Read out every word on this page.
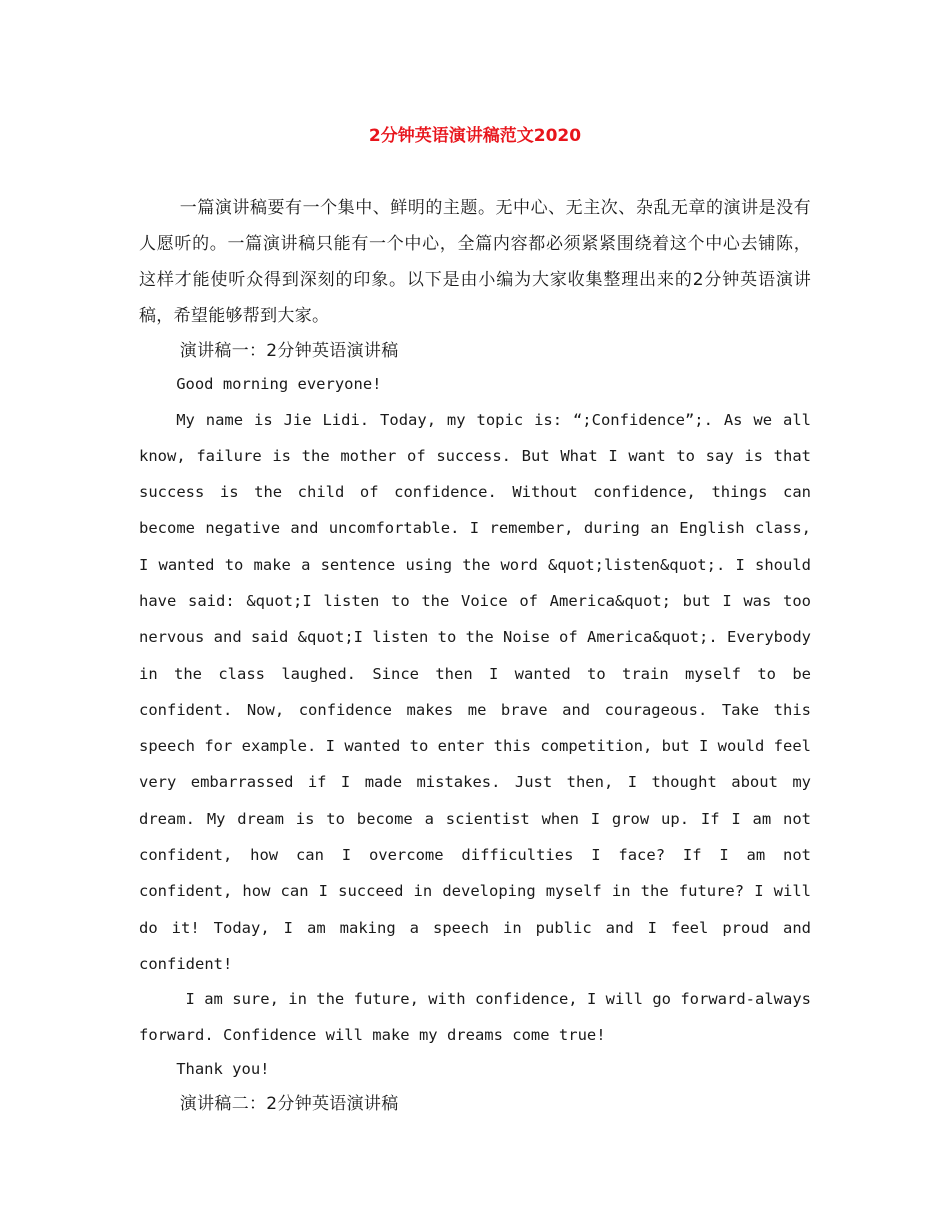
2分钟英语演讲稿范文2020

一篇演讲稿要有一个集中、鲜明的主题。无中心、无主次、杂乱无章的演讲是没有人愿听的。一篇演讲稿只能有一个中心，全篇内容都必须紧紧围绕着这个中心去铺陈，这样才能使听众得到深刻的印象。以下是由小编为大家收集整理出来的2分钟英语演讲稿，希望能够帮到大家。

演讲稿一：2分钟英语演讲稿

Good morning everyone!

My name is Jie Lidi. Today, my topic is: “;Confidence”;. As we all know, failure is the mother of success. But What I want to say is that success is the child of confidence. Without confidence, things can become negative and uncomfortable. I remember, during an English class, I wanted to make a sentence using the word &quot;listen&quot;. I should have said: &quot;I listen to the Voice of America&quot; but I was too nervous and said &quot;I listen to the Noise of America&quot;. Everybody in the class laughed. Since then I wanted to train myself to be confident. Now, confidence makes me brave and courageous. Take this speech for example. I wanted to enter this competition, but I would feel very embarrassed if I made mistakes. Just then, I thought about my dream. My dream is to become a scientist when I grow up. If I am not confident, how can I overcome difficulties I face? If I am not confident, how can I succeed in developing myself in the future? I will do it! Today, I am making a speech in public and I feel proud and confident!

I am sure, in the future, with confidence, I will go forward-always forward. Confidence will make my dreams come true!

Thank you!

演讲稿二：2分钟英语演讲稿
